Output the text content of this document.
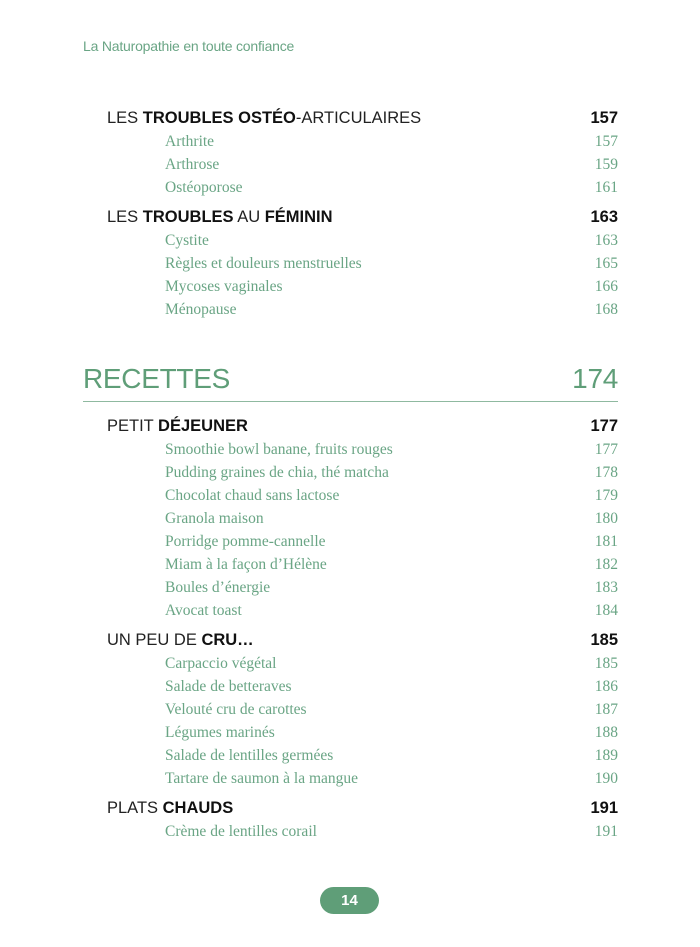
La Naturopathie en toute confiance
LES TROUBLES OSTÉO-ARTICULAIRES	157
Arthrite	157
Arthrose	159
Ostéoporose	161
LES TROUBLES AU FÉMININ	163
Cystite	163
Règles et douleurs menstruelles	165
Mycoses vaginales	166
Ménopause	168
RECETTES	174
PETIT DÉJEUNER	177
Smoothie bowl banane, fruits rouges	177
Pudding graines de chia, thé matcha	178
Chocolat chaud sans lactose	179
Granola maison	180
Porridge pomme-cannelle	181
Miam à la façon d’Hélène	182
Boules d’énergie	183
Avocat toast	184
UN PEU DE CRU…	185
Carpaccio végétal	185
Salade de betteraves	186
Velouté cru de carottes	187
Légumes marinés	188
Salade de lentilles germées	189
Tartare de saumon à la mangue	190
PLATS CHAUDS	191
Crème de lentilles corail	191
14
